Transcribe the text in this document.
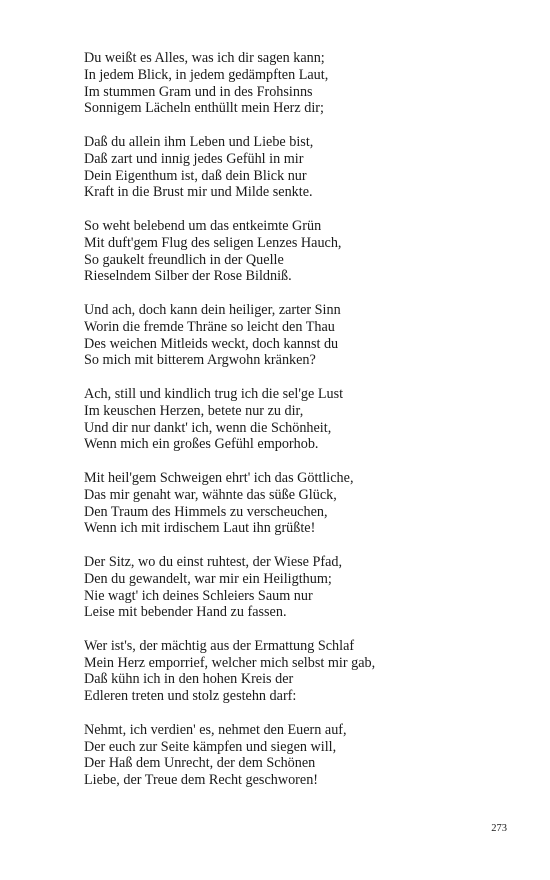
Du weißt es Alles, was ich dir sagen kann;
In jedem Blick, in jedem gedämpften Laut,
Im stummen Gram und in des Frohsinns
Sonnigem Lächeln enthüllt mein Herz dir;
Daß du allein ihm Leben und Liebe bist,
Daß zart und innig jedes Gefühl in mir
Dein Eigenthum ist, daß dein Blick nur
Kraft in die Brust mir und Milde senkte.
So weht belebend um das entkeimte Grün
Mit duft'gem Flug des seligen Lenzes Hauch,
So gaukelt freundlich in der Quelle
Rieselndem Silber der Rose Bildniß.
Und ach, doch kann dein heiliger, zarter Sinn
Worin die fremde Thräne so leicht den Thau
Des weichen Mitleids weckt, doch kannst du
So mich mit bitterem Argwohn kränken?
Ach, still und kindlich trug ich die sel'ge Lust
Im keuschen Herzen, betete nur zu dir,
Und dir nur dankt' ich, wenn die Schönheit,
Wenn mich ein großes Gefühl emporhob.
Mit heil'gem Schweigen ehrt' ich das Göttliche,
Das mir genaht war, wähnte das süße Glück,
Den Traum des Himmels zu verscheuchen,
Wenn ich mit irdischem Laut ihn grüßte!
Der Sitz, wo du einst ruhtest, der Wiese Pfad,
Den du gewandelt, war mir ein Heiligthum;
Nie wagt' ich deines Schleiers Saum nur
Leise mit bebender Hand zu fassen.
Wer ist's, der mächtig aus der Ermattung Schlaf
Mein Herz emporrief, welcher mich selbst mir gab,
Daß kühn ich in den hohen Kreis der
Edleren treten und stolz gestehn darf:
Nehmt, ich verdien' es, nehmet den Euern auf,
Der euch zur Seite kämpfen und siegen will,
Der Haß dem Unrecht, der dem Schönen
Liebe, der Treue dem Recht geschworen!
273
